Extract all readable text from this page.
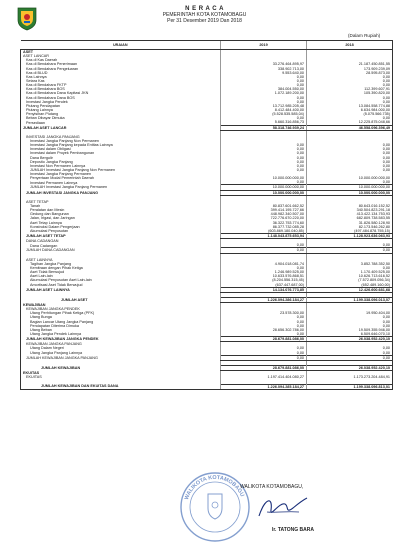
N E R A C A
PEMERINTAH KOTA KOTAMOBAGU
Per 31 Desember 2019 Dan 2018
(Dalam Rupiah)
URAIAN	2019	2018
ASET		
ASET LANCAR		
Kas di Kas Daerah		
Kas di Bendahara Penerimaan	33.276.464.895,97	21.187.450.851,55
Kas di Bendahara Pengeluaran	338.902.713,00	173.909.239,09
Kas di BLUD	9.553.640,00	28.595.873,00
Kas Lainnya	0,00	0,00
Setara Kas	0,00	0,00
Kas di Bendahara FKTP	0,00	0,00
Kas di Bendahara BOS	384.004.550,00	112.399.607,91
Kas di Bendahara Dana Kapitasi JKN	1.072.189.200,00	105.390.820,00
Kas di Bendahara Dana BOS	0,00	0,00
Investasi Jangka Pendek	0,00	0,00
Piutang Pendapatan	13.712.985.205,48	13.084.558.774,88
Piutang Lainnya	8.412.484.400,00	6.634.984.000,00
Penyisihan Piutang	(5.528.535.585,04)	(5.075.566.735)
Beban Dibayar Dimuka	0,00	0,00
Persediaan	5.660.316.856,73	12.225.875.048,66
JUMLAH ASET LANCAR	58.318.746.939,24	46.558.096.396,49

INVESTASI JANGKA PANJANG		
Investasi Jangka Panjang Non Permanen		
Investasi Jangka Panjang kepada Entitas Lainnya	0,00	0,00
Investasi dalam Obligasi	0,00	0,00
Investasi dalam Proyek Pembangunan	0,00	0,00
Dana Bergulir	0,00	0,00
Deposito Jangka Panjang	0,00	0,00
Investasi Non Permanen Lainnya	0,00	0,00
JUMLAH Investasi Jangka Panjang Non Permanen	0,00	0,00
Investasi Jangka Panjang Permanen		
Penyertaan Modal Pemerintah Daerah	10.000.000.000,00	10.000.000.000,00
Investasi Permanen Lainnya	0,00	0,00
JUMLAH Investasi Jangka Panjang Permanen	10.000.000.000,00	10.000.000.000,00
JUMLAH INVESTASI JANGKA PANJANG	10.000.000.000,00	10.000.000.000,00

ASET TETAP		
Tanah	80.837.601.662,52	80.643.016.152,52
Peralatan dan Mesin	399.414.195.727,66	340.504.823.291,18
Gedung dan Bangunan	448.982.340.507,00	413.422.134.753,93
Jalan, Irigasi, dan Jaringan	722.776.670.220,00	682.809.738.583,55
Aset Tetap Lainnya	36.322.753.774,60	31.826.580.128,90
Konstruksi Dalam Pengerjaan	86.377.732.085,28	82.173.546.262,80
Akumulasi Penyusutan	(603.869.180.040,85)	(497.484.878.755,15)
JUMLAH ASET TETAP	1.148.043.875.653,94	1.128.923.636.063,93
DANA CADANGAN		
Dana Cadangan	0,00	0,00
JUMLAH DANA CADANGAN	0,00	0,00

ASET LAINNYA		
Tagihan Jangka Panjang	4.904.018.081,74	3.852.788.352,50
Kemitraan dengan Pihak Ketiga	0,00	0,00
Aset Tidak Berwujud	1.246.989.525,00	1.170.409.525,00
Aset Lain-lain	10.633.576.868,51	10.626.713.616,52
Akumulasi Penyusutan Aset Lain-lain	(8.204.556.315,45)	(7.572.809.056,34)
Amortisasi Aset Tidak Berwujud	(637.447.687,00)	(652.489.160,00)
JUMLAH ASET LAINNYA	14.134.076.773,85	12.426.600.681,68

JUMLAH ASET	1.226.094.286.184,27	1.199.338.096.013,07
KEWAJIBAN		
KEWAJIBAN JANGKA PENDEK		
Utang Perhitungan Pihak Ketiga (PFK)	23.578.300,00	19.950.404,00
Utang Bunga	0,00	0,00
Bagian Lancar Utang Jangka Panjang	0,00	0,00
Pendapatan Diterima Dimuka	0,00	0,00
Utang Beban	28.656.302.786,00	19.509.355.946,00
Utang Jangka Pendek Lainnya	0,00	6.509.646.070,10
JUMLAH KEWAJIBAN JANGKA PENDEK	28.679.881.086,00	26.038.952.420,10
KEWAJIBAN JANGKA PANJANG		
Utang Dalam Negeri	0,00	0,00
Utang Jangka Panjang Lainnya	0,00	0,00
JUMLAH KEWAJIBAN JANGKA PANJANG	0,00	0,00

JUMLAH KEWAJIBAN	28.679.881.086,00	26.038.952.420,10
EKUITAS		
EKUITAS	1.197.414.404.080,27	1.173.273.204.484,91

JUMLAH KEWAJIBAN DAN EKUITAS DANA	1.226.094.285.184,27	1.199.338.096.813,01
WALIKOTA KOTAMOBAGU
WALIKOTA KOTAMOBAGU,
Ir. TATONG BARA
